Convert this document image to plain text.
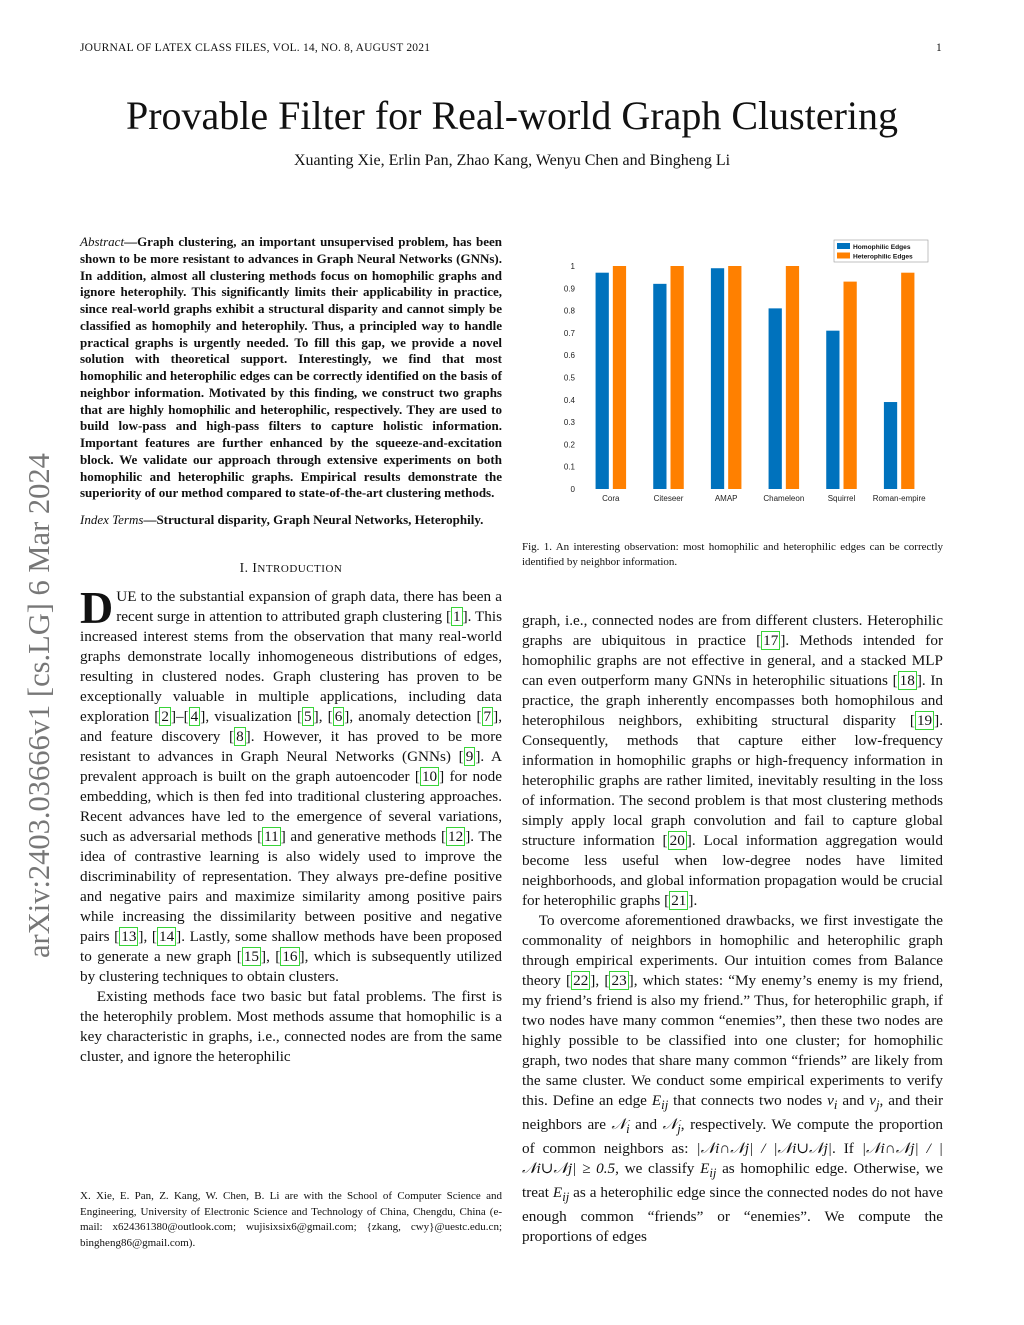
JOURNAL OF LATEX CLASS FILES, VOL. 14, NO. 8, AUGUST 2021	1
Provable Filter for Real-world Graph Clustering
Xuanting Xie, Erlin Pan, Zhao Kang, Wenyu Chen and Bingheng Li
arXiv:2403.03666v1 [cs.LG] 6 Mar 2024

Abstract—Graph clustering, an important unsupervised problem, has been shown to be more resistant to advances in Graph Neural Networks (GNNs). In addition, almost all clustering methods focus on homophilic graphs and ignore heterophily. This significantly limits their applicability in practice, since real-world graphs exhibit a structural disparity and cannot simply be classified as homophily and heterophily. Thus, a principled way to handle practical graphs is urgently needed. To fill this gap, we provide a novel solution with theoretical support. Interestingly, we find that most homophilic and heterophilic edges can be correctly identified on the basis of neighbor information. Motivated by this finding, we construct two graphs that are highly homophilic and heterophilic, respectively. They are used to build low-pass and high-pass filters to capture holistic information. Important features are further enhanced by the squeeze-and-excitation block. We validate our approach through extensive experiments on both homophilic and heterophilic graphs. Empirical results demonstrate the superiority of our method compared to state-of-the-art clustering methods.

Index Terms—Structural disparity, Graph Neural Networks, Heterophily.

I. INTRODUCTION

DUE to the substantial expansion of graph data, there has been a recent surge in attention to attributed graph clustering [ 1 ]. This increased interest stems from the observation that many real-world graphs demonstrate locally inhomogeneous distributions of edges, resulting in clustered nodes. Graph clustering has proven to be exceptionally valuable in multiple applications, including data exploration [ 2 ]–[ 4 ], visualization [ 5 ], [ 6 ], anomaly detection [ 7 ], and feature discovery [ 8 ]. However, it has proved to be more resistant to advances in Graph Neural Networks (GNNs) [ 9 ]. A prevalent approach is built on the graph autoencoder [ 10 ] for node embedding, which is then fed into traditional clustering approaches. Recent advances have led to the emergence of several variations, such as adversarial methods [ 11 ] and generative methods [ 12 ]. The idea of contrastive learning is also widely used to improve the discriminability of representation. They always pre-define positive and negative pairs and maximize similarity among positive pairs while increasing the dissimilarity between positive and negative pairs [ 13 ], [ 14 ]. Lastly, some shallow methods have been proposed to generate a new graph [ 15 ], [ 16 ], which is subsequently utilized by clustering techniques to obtain clusters.

Existing methods face two basic but fatal problems. The first is the heterophily problem. Most methods assume that homophilic is a key characteristic in graphs, i.e., connected nodes are from the same cluster, and ignore the heterophilic

X. Xie, E. Pan, Z. Kang, W. Chen, B. Li are with the School of Computer Science and Engineering, University of Electronic Science and Technology of China, Chengdu, China (e-mail: x624361380@outlook.com; wujisixsix6@gmail.com; {zkang, cwy}@uestc.edu.cn; bingheng86@gmail.com).
0
0.1
0.2
0.3
0.4
0.5
0.6
0.7
0.8
0.9
1
Cora	Citeseer	AMAP	Chameleon	Squirrel Roman-empire
Homophilic Edges
Heterophilic Edges
Fig. 1. An interesting observation: most homophilic and heterophilic edges can be correctly identified by neighbor information.

graph, i.e., connected nodes are from different clusters. Heterophilic graphs are ubiquitous in practice [ 17 ]. Methods intended for homophilic graphs are not effective in general, and a stacked MLP can even outperform many GNNs in heterophilic situations [ 18 ]. In practice, the graph inherently encompasses both homophilous and heterophilous neighbors, exhibiting structural disparity [ 19 ]. Consequently, methods that capture either low-frequency information in homophilic graphs or high-frequency information in heterophilic graphs are rather limited, inevitably resulting in the loss of information. The second problem is that most clustering methods simply apply local graph convolution and fail to capture global structure information [ 20 ]. Local information aggregation would become less useful when low-degree nodes have limited neighborhoods, and global information propagation would be crucial for heterophilic graphs [ 21 ].

To overcome aforementioned drawbacks, we first investigate the commonality of neighbors in homophilic and heterophilic graph through empirical experiments. Our intuition comes from Balance theory [ 22 ], [ 23 ], which states: “My enemy’s enemy is my friend, my friend’s friend is also my friend.” Thus, for heterophilic graph, if two nodes have many common “enemies”, then these two nodes are highly possible to be classified into one cluster; for homophilic graph, two nodes that share many common “friends” are likely from the same cluster. We conduct some empirical experiments to verify this. Define an edge $E_{ij}$ that connects two nodes $v_i$ and $v_j$, and their neighbors are 𝒩$_i$ and 𝒩$_j$, respectively. We compute the proportion of common neighbors as: |𝒩i∩𝒩j| / |𝒩i∪𝒩j|. If |𝒩i∩𝒩j| / |𝒩i∪𝒩j| ≥ 0.5, we classify $E_{ij}$ as homophilic edge. Otherwise, we treat $E_{ij}$ as a heterophilic edge since the connected nodes do not have enough common “friends” or “enemies”. We compute the proportions of edges
